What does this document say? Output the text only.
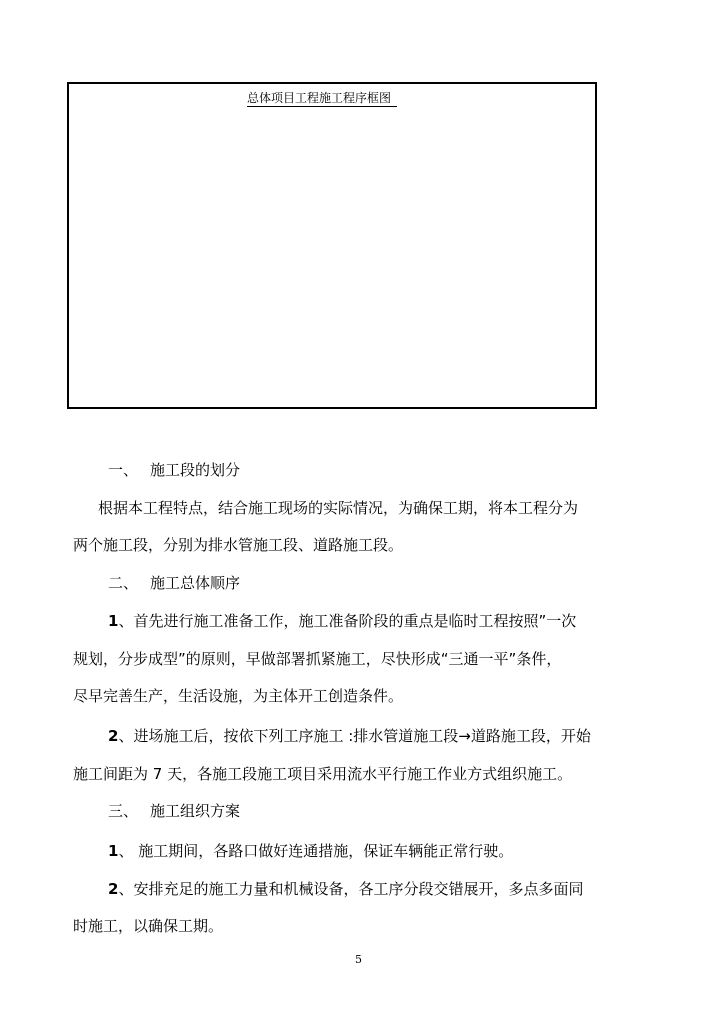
总体项目工程施工程序框图
一、 施工段的划分
根据本工程特点，结合施工现场的实际情况，为确保工期，将本工程分为
两个施工段，分别为排水管施工段、道路施工段。
二、 施工总体顺序
1、首先进行施工准备工作，施工准备阶段的重点是临时工程按照”一次
规划，分步成型”的原则，早做部署抓紧施工，尽快形成“三通一平”条件，
尽早完善生产，生活设施，为主体开工创造条件。
2、进场施工后，按依下列工序施工 :排水管道施工段→道路施工段，开始
施工间距为 7 天，各施工段施工项目采用流水平行施工作业方式组织施工。
三、 施工组织方案
1、 施工期间，各路口做好连通措施，保证车辆能正常行驶。
2、安排充足的施工力量和机械设备，各工序分段交错展开，多点多面同
时施工，以确保工期。
5
